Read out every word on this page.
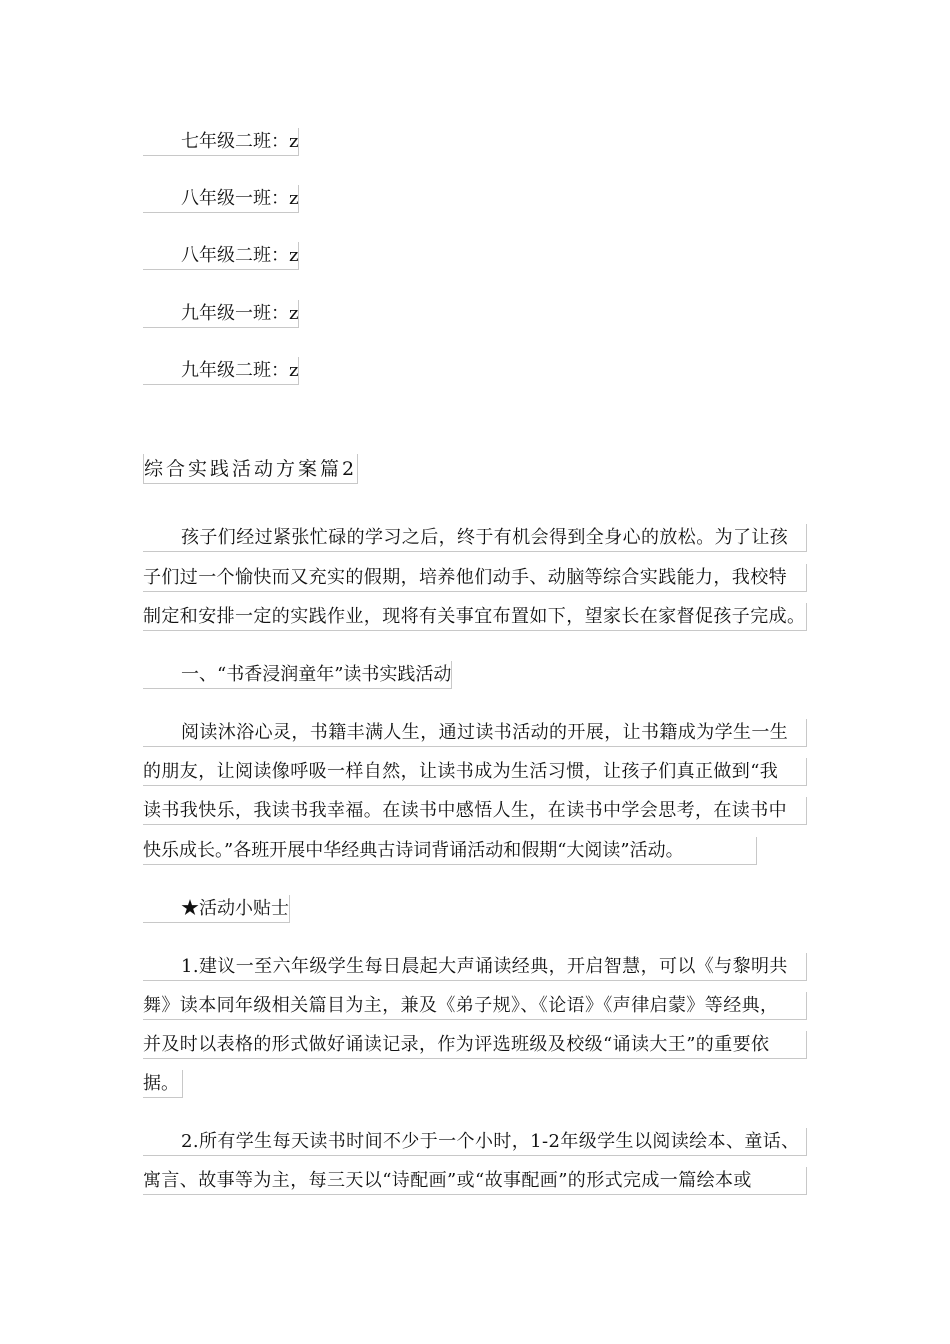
七年级二班：z
八年级一班：z
八年级二班：z
九年级一班：z
九年级二班：z
综合实践活动方案篇2
孩子们经过紧张忙碌的学习之后，终于有机会得到全身心的放松。为了让孩
子们过一个愉快而又充实的假期，培养他们动手、动脑等综合实践能力，我校特
制定和安排一定的实践作业，现将有关事宜布置如下，望家长在家督促孩子完成。
一、“书香浸润童年”读书实践活动
阅读沐浴心灵，书籍丰满人生，通过读书活动的开展，让书籍成为学生一生
的朋友，让阅读像呼吸一样自然，让读书成为生活习惯，让孩子们真正做到“我
读书我快乐，我读书我幸福。在读书中感悟人生，在读书中学会思考，在读书中
快乐成长。”各班开展中华经典古诗词背诵活动和假期“大阅读”活动。
★活动小贴士
1.建议一至六年级学生每日晨起大声诵读经典，开启智慧，可以《与黎明共
舞》读本同年级相关篇目为主，兼及《弟子规》、《论语》《声律启蒙》等经典，
并及时以表格的形式做好诵读记录，作为评选班级及校级“诵读大王”的重要依
据。
2.所有学生每天读书时间不少于一个小时，1-2年级学生以阅读绘本、童话、
寓言、故事等为主，每三天以“诗配画”或“故事配画”的形式完成一篇绘本或
